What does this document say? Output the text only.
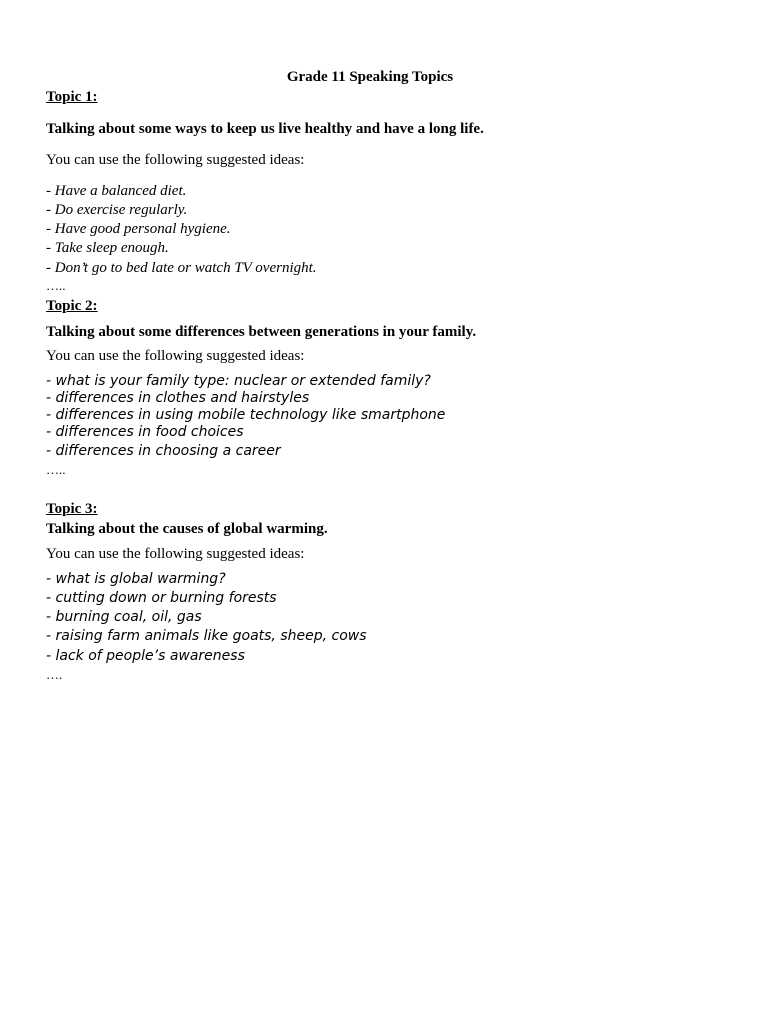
Grade 11 Speaking Topics
Topic 1:
Talking about some ways to keep us live healthy and have a long life.
You can use the following suggested ideas:
- Have a balanced diet.
- Do exercise regularly.
- Have good personal hygiene.
- Take sleep enough.
- Don’t go to bed late or watch TV overnight.
…..
Topic 2:
Talking about some differences between generations in your family.
You can use the following suggested ideas:
- what is your family type: nuclear or extended family?
- differences in clothes and hairstyles
- differences in using mobile technology like smartphone
- differences in food choices
- differences in choosing a career
…..
Topic 3:
Talking about the causes of global warming.
You can use the following suggested ideas:
- what is global warming?
- cutting down or burning forests
- burning coal, oil, gas
- raising farm animals like goats, sheep, cows
- lack of people’s awareness
….
